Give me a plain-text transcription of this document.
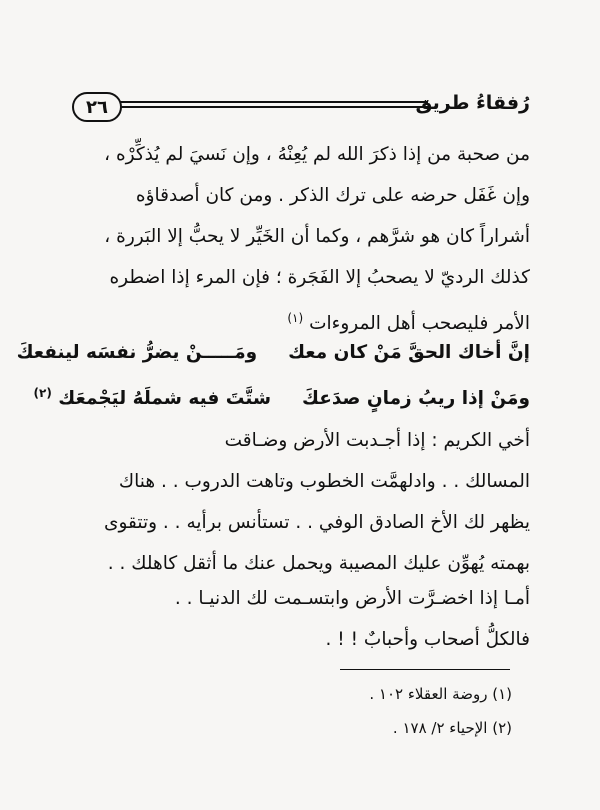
٢٦	رُفقاءُ طريق
من صحبة من إذا ذكرَ الله لم يُعِنْهُ ، وإن نَسيَ لم يُذكِّرْه ،
وإن غَفَل حرضه على ترك الذكر . ومن كان أصدقاؤه
أشراراً كان هو شرَّهم ، وكما أن الخَيِّر لا يحبُّ إلا البَررة ،
كذلك الرديّ لا يصحبُ إلا الفَجَرة ؛ فإن المرء إذا اضطره
الأمر فليصحب أهل المروءات $^{(١)}$
إنَّ أخاك الحقَّ مَنْ كان معك  ومَـــــنْ يضرُّ نفسَه لينفعكَ
ومَنْ إذا ريبُ زمانٍ صدَعكَ  شتَّتَ فيه شملَهُ ليَجْمعَك $^{(٢)}$
أخي الكريم : إذا أجـدبت الأرض وضـاقت
المسالك . . وادلهمَّت الخطوب وتاهت الدروب . . هناك
يظهر لك الأخ الصادق الوفي . . تستأنس برأيه . . وتتقوى
بهمته يُهوِّن عليك المصيبة ويحمل عنك ما أثقل كاهلك . .
أمـا إذا اخضـرَّت الأرض وابتسـمت لك الدنيـا . .
فالكلُّ أصحاب وأحبابٌ ! ! .
(١) روضة العقلاء ١٠٢ .
(٢) الإحياء ٢/ ١٧٨ .
